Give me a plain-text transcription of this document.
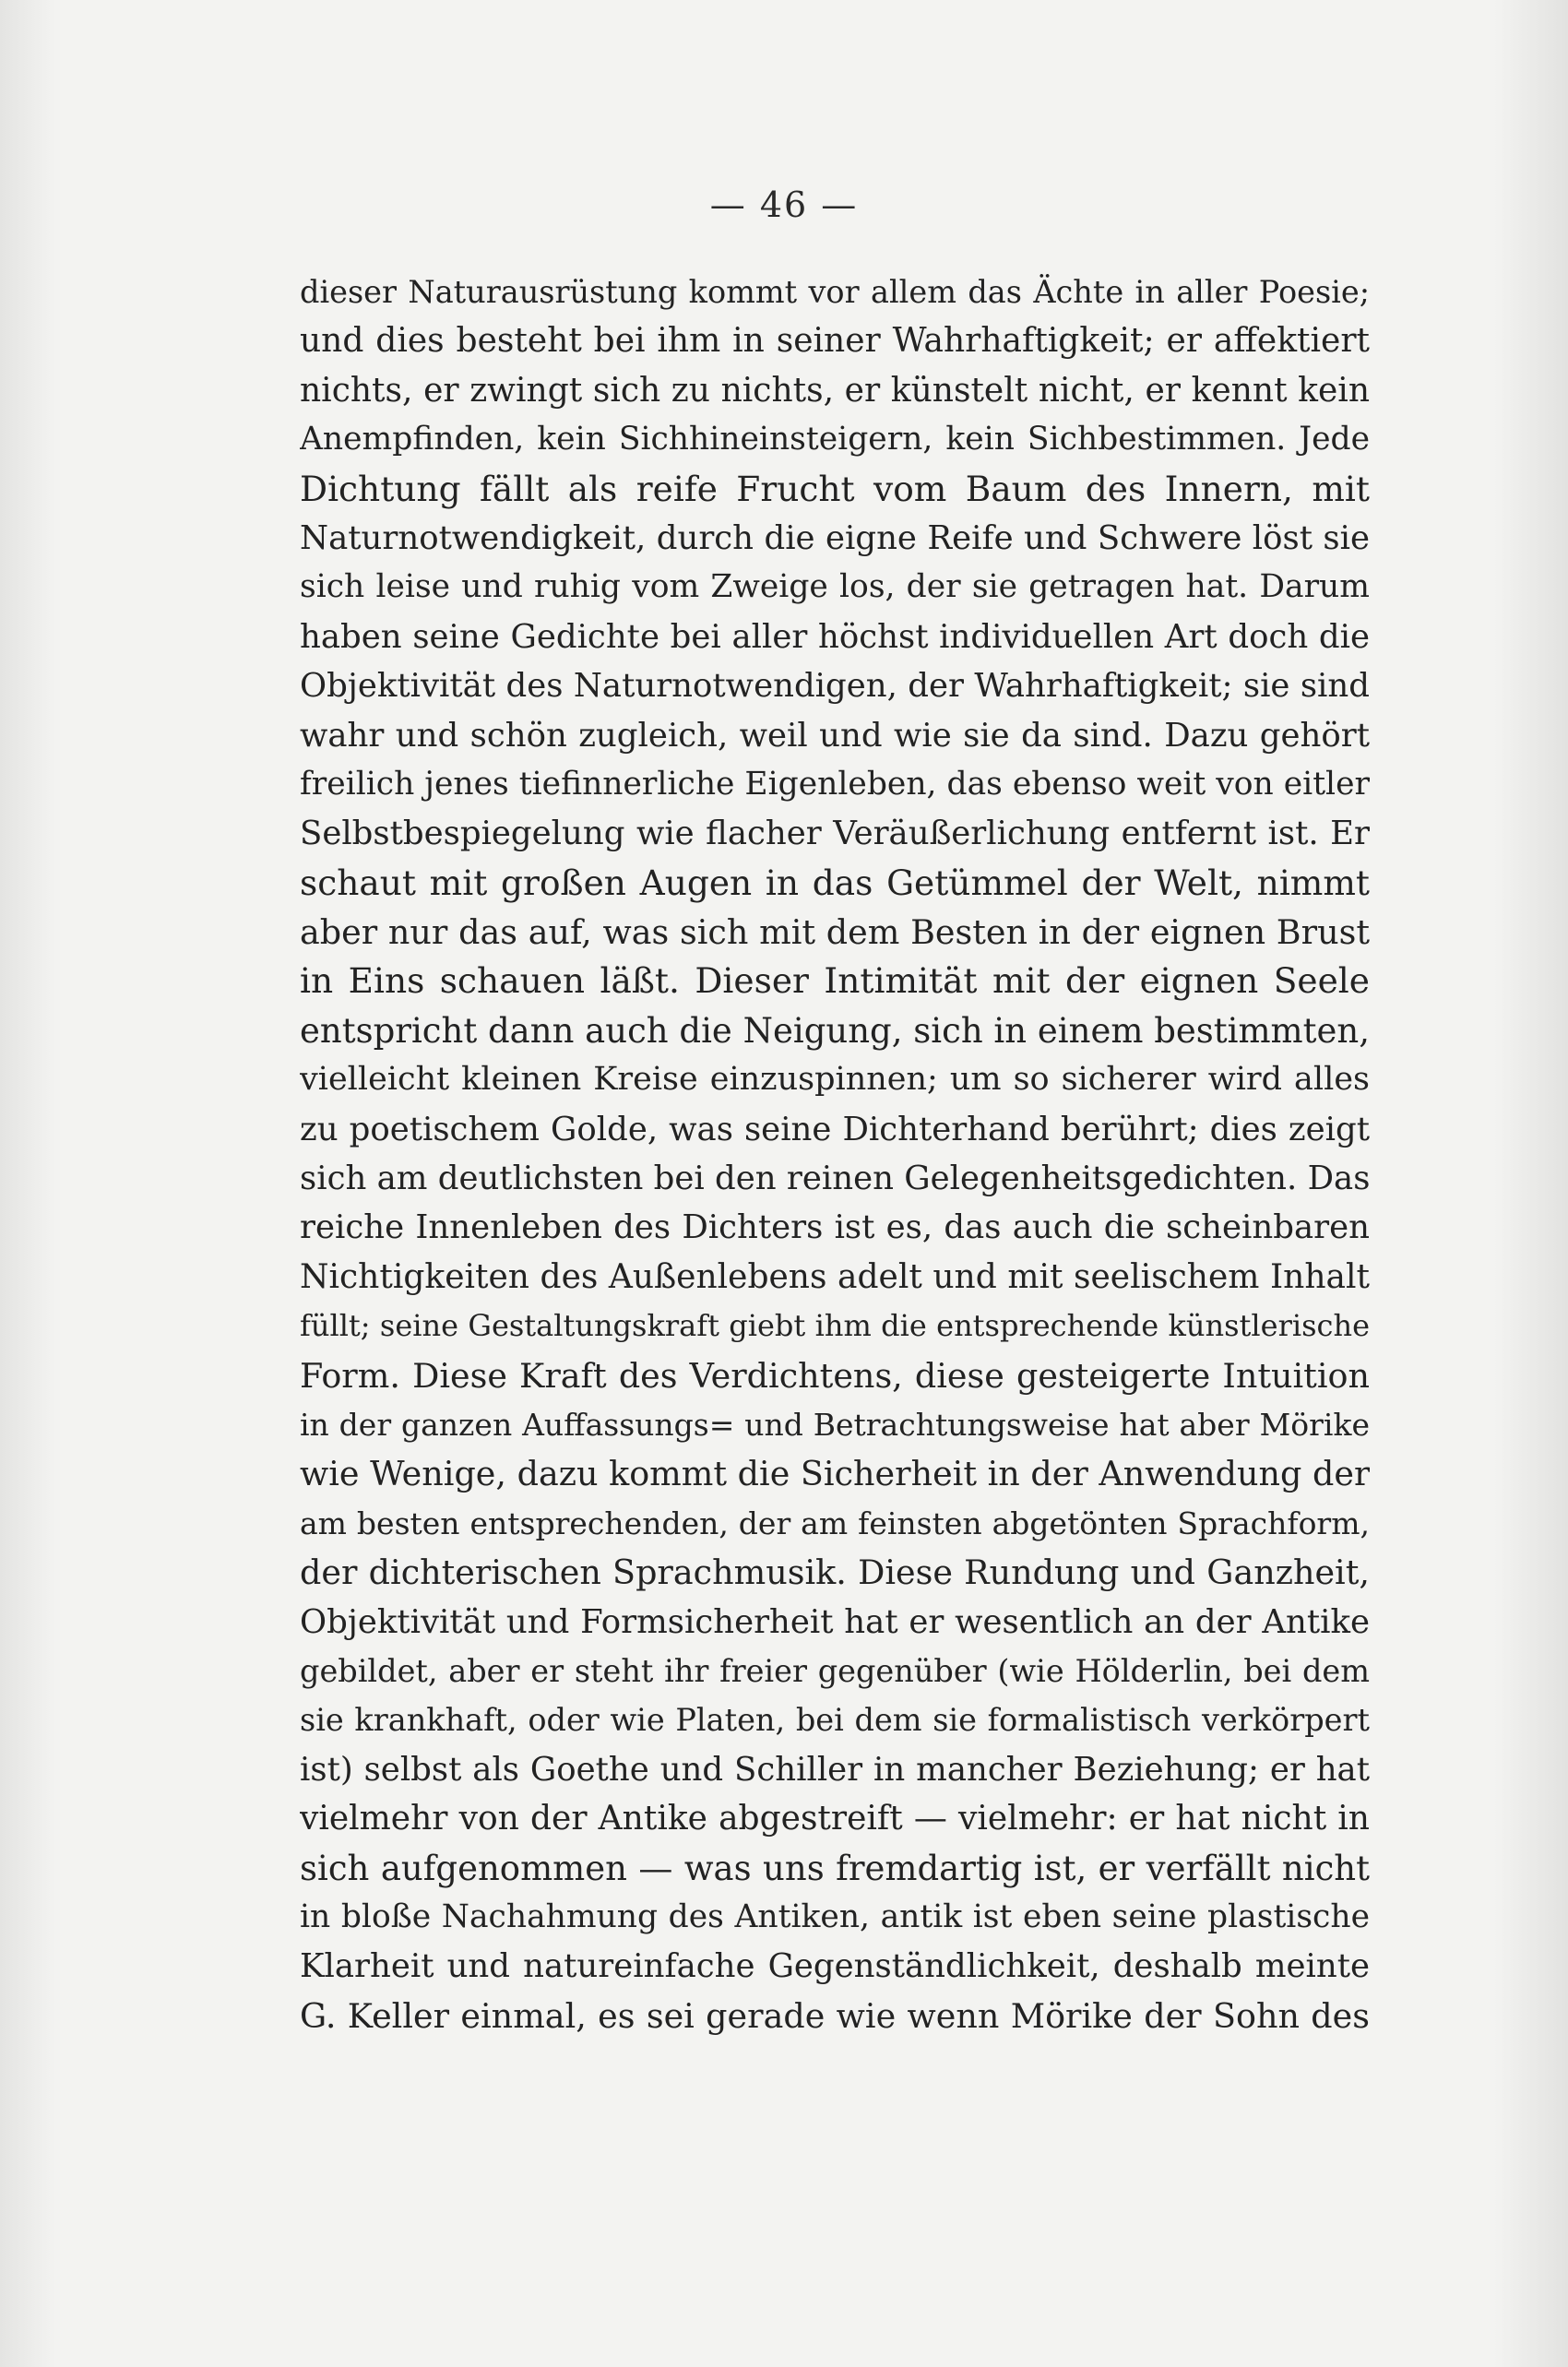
— 46 —
dieser Naturausrüstung kommt vor allem das Ächte in aller Poesie;
und dies besteht bei ihm in seiner Wahrhaftigkeit; er affektiert
nichts, er zwingt sich zu nichts, er künstelt nicht, er kennt kein
Anempfinden, kein Sichhineinsteigern, kein Sichbestimmen. Jede
Dichtung fällt als reife Frucht vom Baum des Innern, mit
Naturnotwendigkeit, durch die eigne Reife und Schwere löst sie
sich leise und ruhig vom Zweige los, der sie getragen hat. Darum
haben seine Gedichte bei aller höchst individuellen Art doch die
Objektivität des Naturnotwendigen, der Wahrhaftigkeit; sie sind
wahr und schön zugleich, weil und wie sie da sind. Dazu gehört
freilich jenes tiefinnerliche Eigenleben, das ebenso weit von eitler
Selbstbespiegelung wie flacher Veräußerlichung entfernt ist. Er
schaut mit großen Augen in das Getümmel der Welt, nimmt
aber nur das auf, was sich mit dem Besten in der eignen Brust
in Eins schauen läßt. Dieser Intimität mit der eignen Seele
entspricht dann auch die Neigung, sich in einem bestimmten,
vielleicht kleinen Kreise einzuspinnen; um so sicherer wird alles
zu poetischem Golde, was seine Dichterhand berührt; dies zeigt
sich am deutlichsten bei den reinen Gelegenheitsgedichten. Das
reiche Innenleben des Dichters ist es, das auch die scheinbaren
Nichtigkeiten des Außenlebens adelt und mit seelischem Inhalt
füllt; seine Gestaltungskraft giebt ihm die entsprechende künstlerische
Form. Diese Kraft des Verdichtens, diese gesteigerte Intuition
in der ganzen Auffassungs= und Betrachtungsweise hat aber Mörike
wie Wenige, dazu kommt die Sicherheit in der Anwendung der
am besten entsprechenden, der am feinsten abgetönten Sprachform,
der dichterischen Sprachmusik. Diese Rundung und Ganzheit,
Objektivität und Formsicherheit hat er wesentlich an der Antike
gebildet, aber er steht ihr freier gegenüber (wie Hölderlin, bei dem
sie krankhaft, oder wie Platen, bei dem sie formalistisch verkörpert
ist) selbst als Goethe und Schiller in mancher Beziehung; er hat
vielmehr von der Antike abgestreift — vielmehr: er hat nicht in
sich aufgenommen — was uns fremdartig ist, er verfällt nicht
in bloße Nachahmung des Antiken, antik ist eben seine plastische
Klarheit und natureinfache Gegenständlichkeit, deshalb meinte
G. Keller einmal, es sei gerade wie wenn Mörike der Sohn des
